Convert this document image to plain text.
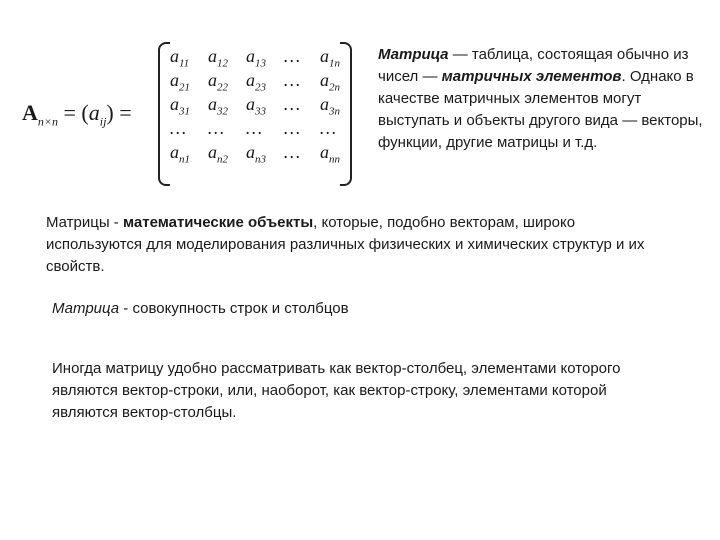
$A_{n\times n} = (a_{ij})$ =
$a_{11}$	$a_{12}$	$a_{13}$	…	$a_{1n}$
$a_{21}$	$a_{22}$	$a_{23}$	…	$a_{2n}$
$a_{31}$	$a_{32}$	$a_{33}$	…	$a_{3n}$
…	…	…	…	…
$a_{n1}$	$a_{n2}$	$a_{n3}$	…	$a_{nn}$
Матрица — таблица, состоящая обычно из чисел — матричных элементов. Однако в качестве матричных элементов могут выступать и объекты другого вида — векторы, функции, другие матрицы и т.д.
Матрицы - математические объекты, которые, подобно векторам, широко используются для моделирования различных физических и химических структур и их свойств.
Матрица - совокупность строк и столбцов
Иногда матрицу удобно рассматривать как вектор-столбец, элементами которого являются вектор-строки, или, наоборот, как вектор-строку, элементами которой являются вектор-столбцы.
